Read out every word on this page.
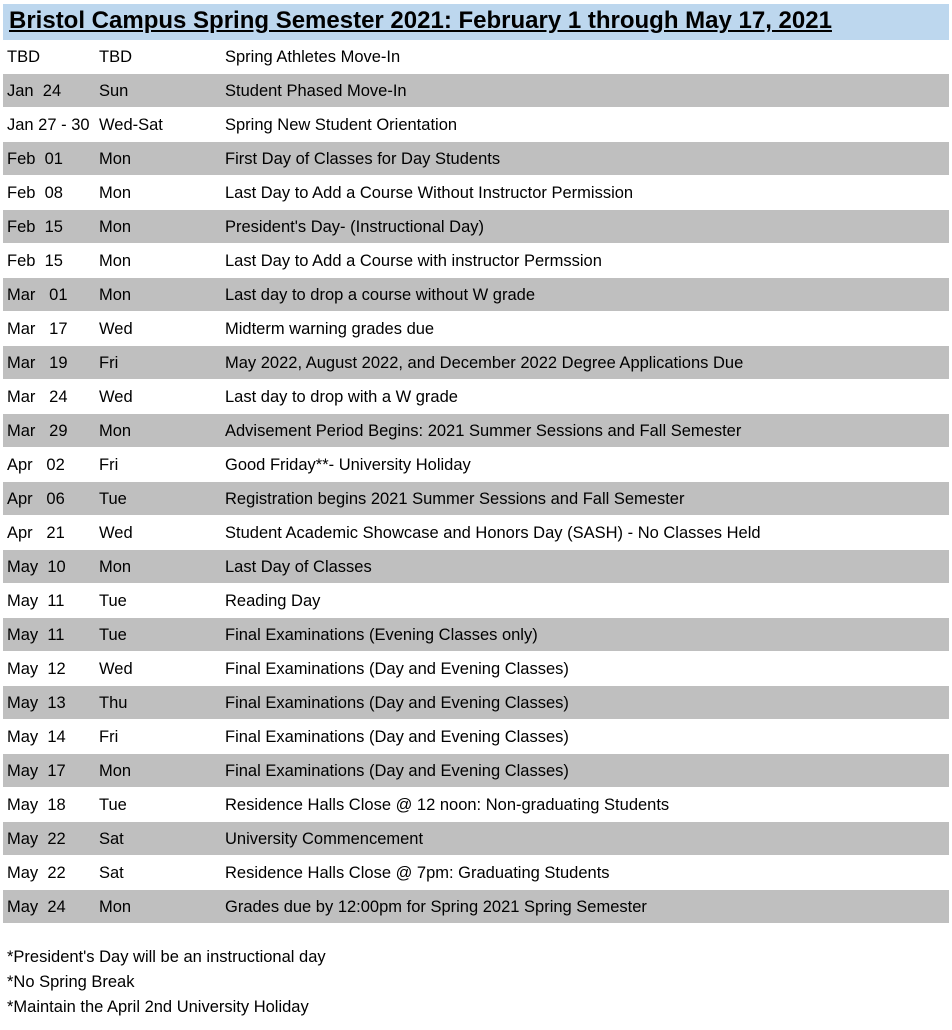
Bristol Campus Spring Semester 2021: February 1 through May 17, 2021
TBD	TBD	Spring Athletes Move-In
Jan  24 Sun	Student Phased Move-In
Jan 27 - 30 Wed-Sat	Spring New Student Orientation
Feb  01 Mon	First Day of Classes for Day Students
Feb  08 Mon	Last Day to Add a Course Without Instructor Permission
Feb  15 Mon	President's Day- (Instructional Day)
Feb  15 Mon	Last Day to Add a Course with instructor Permssion
Mar   01 Mon	Last day to drop a course without W grade
Mar   17 Wed	Midterm warning grades due
Mar   19 Fri	May 2022, August 2022, and December 2022 Degree Applications Due
Mar   24 Wed	Last day to drop with a W grade
Mar   29 Mon	Advisement Period Begins: 2021 Summer Sessions and Fall Semester
Apr   02 Fri	Good Friday**- University Holiday
Apr   06 Tue	Registration begins 2021 Summer Sessions and Fall Semester
Apr   21 Wed	Student Academic Showcase and Honors Day (SASH) - No Classes Held
May  10 Mon	Last Day of Classes
May  11 Tue	Reading Day
May  11 Tue	Final Examinations (Evening Classes only)
May  12 Wed	Final Examinations (Day and Evening Classes)
May  13 Thu	Final Examinations (Day and Evening Classes)
May  14 Fri	Final Examinations (Day and Evening Classes)
May  17 Mon	Final Examinations (Day and Evening Classes)
May  18 Tue	Residence Halls Close @ 12 noon: Non-graduating Students
May  22 Sat	University Commencement
May  22 Sat	Residence Halls Close @ 7pm: Graduating Students
May  24 Mon	Grades due by 12:00pm for Spring 2021 Spring Semester
*President's Day will be an instructional day
*No Spring Break
*Maintain the April 2nd University Holiday
